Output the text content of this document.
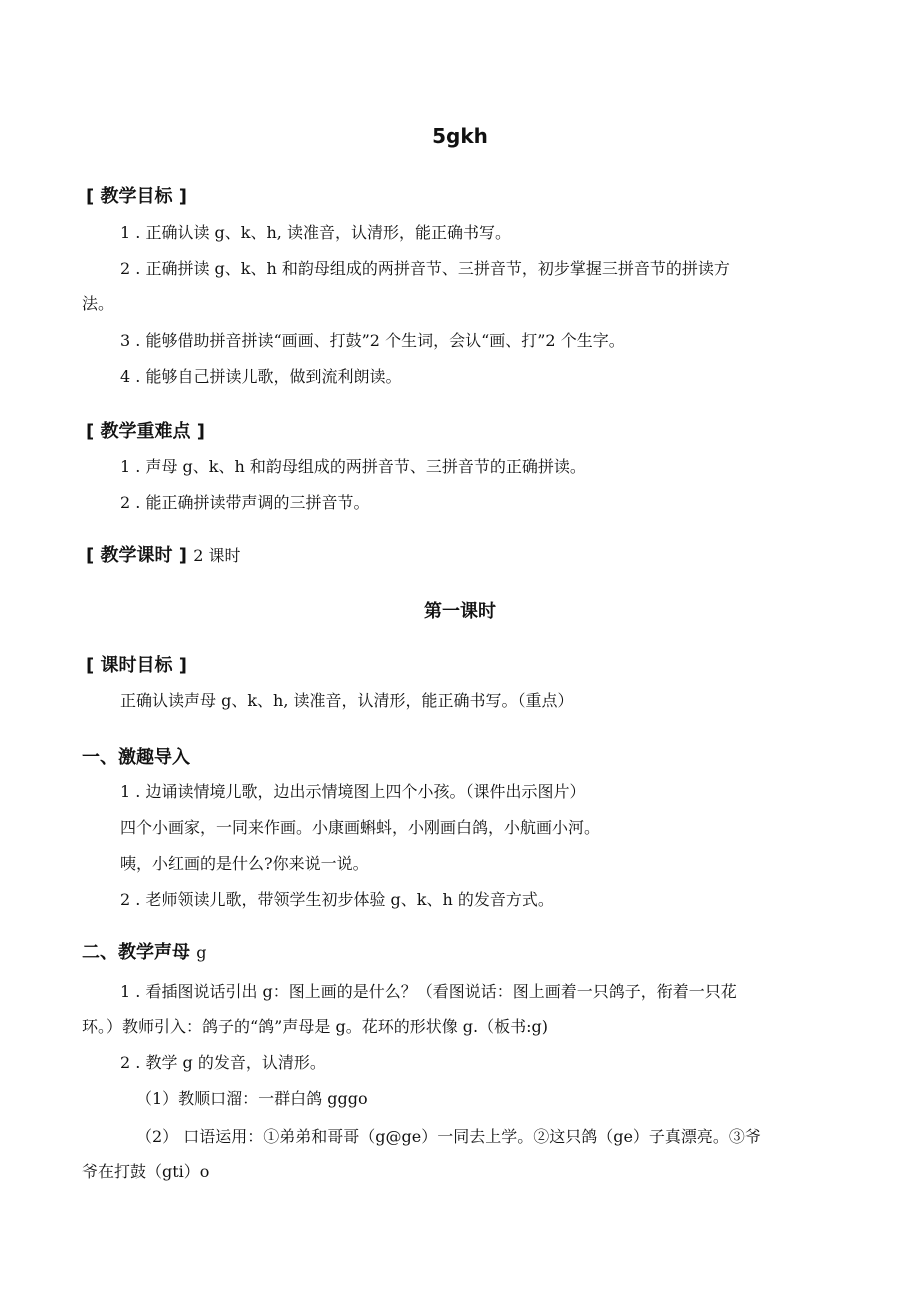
5gkh
[ 教学目标 ]
1 . 正确认读 g、k、h, 读准音，认清形，能正确书写。
2 . 正确拼读 g、k、h 和韵母组成的两拼音节、三拼音节，初步掌握三拼音节的拼读方
法。
3 . 能够借助拼音拼读“画画、打鼓”2 个生词，会认“画、打”2 个生字。
4 . 能够自己拼读儿歌，做到流利朗读。
[ 教学重难点 ]
1 . 声母 g、k、h 和韵母组成的两拼音节、三拼音节的正确拼读。
2 . 能正确拼读带声调的三拼音节。
[ 教学课时 ] 2 课时
第一课时
[ 课时目标 ]
正确认读声母 g、k、h, 读准音，认清形，能正确书写。（重点）
一、激趣导入
1 . 边诵读情境儿歌，边出示情境图上四个小孩。（课件出示图片）
四个小画家，一同来作画。小康画蝌蚪，小刚画白鸽，小航画小河。
咦，小红画的是什么?你来说一说。
2 . 老师领读儿歌，带领学生初步体验 g、k、h 的发音方式。
二、教学声母 g
1 . 看插图说话引出 g：图上画的是什么？（看图说话：图上画着一只鸽子，衔着一只花
环。）教师引入：鸽子的“鸽”声母是 g。花环的形状像 g.（板书:g)
2 . 教学 g 的发音，认清形。
（1）教顺口溜：一群白鸽 gggo
（2） 口语运用：①弟弟和哥哥（g@ge）一同去上学。②这只鸽（ge）子真漂亮。③爷
爷在打鼓（gti）o
